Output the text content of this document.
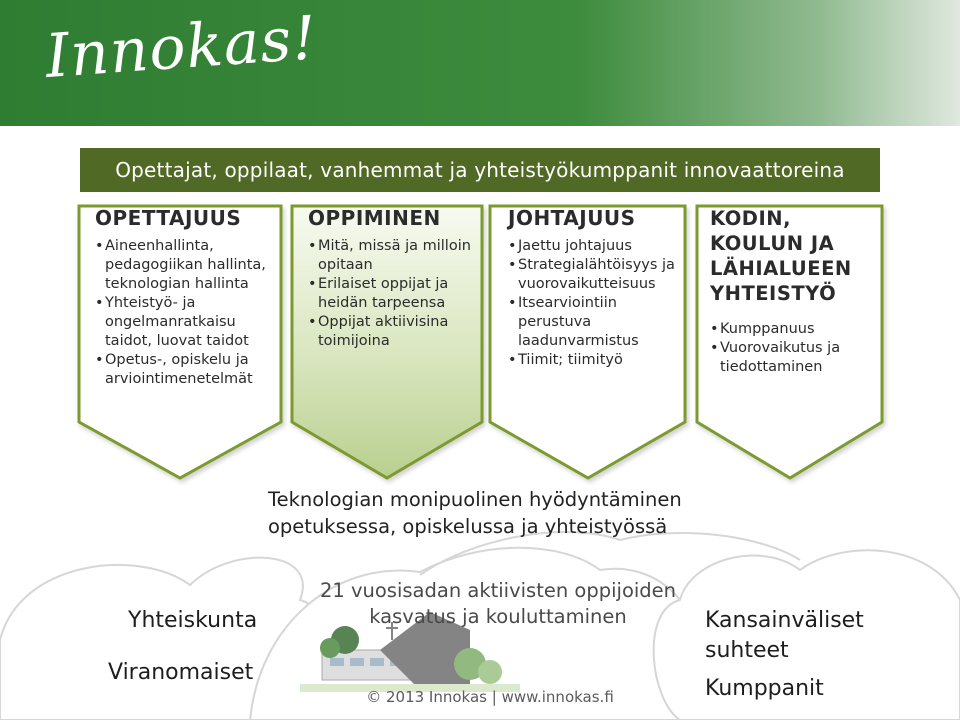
Innokas!
Opettajat, oppilaat, vanhemmat ja yhteistyökumppanit innovaattoreina
OPETTAJUUS
• Aineenhallinta, pedagogiikan hallinta, teknologian hallinta
• Yhteistyö- ja ongelmanratkaisu taidot, luovat taidot
• Opetus-, opiskelu ja arviointimenetelmät
OPPIMINEN
• Mitä, missä ja milloin opitaan
• Erilaiset oppijat ja heidän tarpeensa
• Oppijat aktiivisina toimijoina
JOHTAJUUS
• Jaettu johtajuus
• Strategialähtöisyys ja vuorovaikutteisuus
• Itsearviointiin perustuva laadunvarmistus
• Tiimit; tiimityö
KODIN, KOULUN JA LÄHIALUEEN YHTEISTYÖ
• Kumppanuus
• Vuorovaikutus ja tiedottaminen
Teknologian monipuolinen hyödyntäminen
opetuksessa, opiskelussa ja yhteistyössä
21 vuosisadan aktiivisten oppijoiden
kasvatus ja kouluttaminen
Yhteiskunta
Viranomaiset
Kansainväliset
suhteet
Kumppanit
© 2013 Innokas | www.innokas.fi
